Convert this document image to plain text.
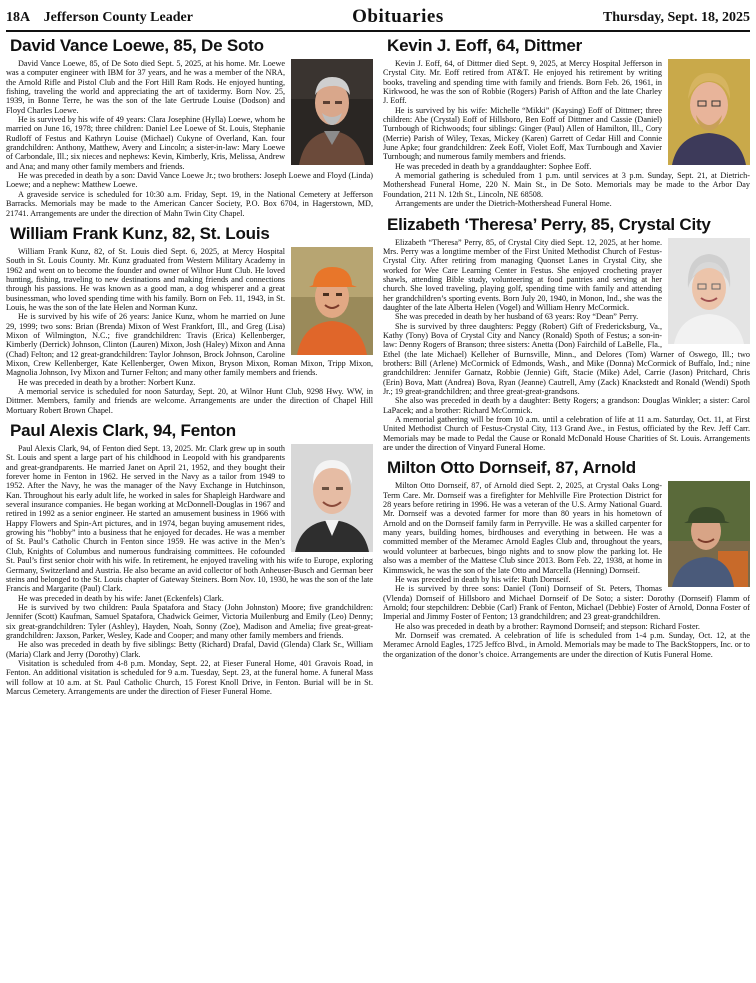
18A Jefferson County Leader	Obituaries	Thursday, Sept. 18, 2025
David Vance Loewe, 85, De Soto

David Vance Loewe, 85, of De Soto died Sept. 5, 2025, at his home. Mr. Loewe was a computer engineer with IBM for 37 years, and he was a member of the NRA, the Arnold Rifle and Pistol Club and the Fort Hill Ram Rods. He enjoyed hunting, fishing, traveling the world and appreciating the art of taxidermy. Born Nov. 25, 1939, in Bonne Terre, he was the son of the late Gertrude Louise (Dodson) and Floyd Charles Loewe.

He is survived by his wife of 49 years: Clara Josephine (Hylla) Loewe, whom he married on June 16, 1978; three children: Daniel Lee Loewe of St. Louis, Stephanie Rudloff of Festus and Kathryn Louise (Michael) Cukyne of Overland, Kan. four grandchildren: Anthony, Matthew, Avery and Lincoln; a sister-in-law: Mary Loewe of Carbondale, Ill.; six nieces and nephews: Kevin, Kimberly, Kris, Melissa, Andrew and Ana; and many other family members and friends.

He was preceded in death by a son: David Vance Loewe Jr.; two brothers: Joseph Loewe and Floyd (Linda) Loewe; and a nephew: Matthew Loewe.

A graveside service is scheduled for 10:30 a.m. Friday, Sept. 19, in the National Cemetery at Jefferson Barracks. Memorials may be made to the American Cancer Society, P.O. Box 6704, in Hagerstown, MD, 21741. Arrangements are under the direction of Mahn Twin City Chapel.

William Frank Kunz, 82, St. Louis

William Frank Kunz, 82, of St. Louis died Sept. 6, 2025, at Mercy Hospital South in St. Louis County. Mr. Kunz graduated from Western Military Academy in 1962 and went on to become the founder and owner of Wilnor Hunt Club. He loved hunting, fishing, traveling to new destinations and making friends and connections through his passions. He was known as a good man, a dog whisperer and a great businessman, who loved spending time with his family. Born on Feb. 11, 1943, in St. Louis, he was the son of the late Helen and Norman Kunz.

He is survived by his wife of 26 years: Janice Kunz, whom he married on June 29, 1999; two sons: Brian (Brenda) Mixon of West Frankfort, Ill., and Greg (Lisa) Mixon of Wilmington, N.C.; five grandchildren: Travis (Erica) Kellenberger, Kimberly (Derrick) Johnson, Clinton (Lauren) Mixon, Josh (Haley) Mixon and Anna (Chad) Felton; and 12 great-grandchildren: Taylor Johnson, Brock Johnson, Caroline Mixon, Crew Kellenberger, Kate Kellenberger, Owen Mixon, Bryson Mixon, Roman Mixon, Tripp Mixon, Magnolia Johnson, Ivy Mixon and Turner Felton; and many other family members and friends.

He was preceded in death by a brother: Norbert Kunz.

A memorial service is scheduled for noon Saturday, Sept. 20, at Wilnor Hunt Club, 9298 Hwy. WW, in Dittmer. Members, family and friends are welcome. Arrangements are under the direction of Chapel Hill Mortuary Robert Brown Chapel.

Paul Alexis Clark, 94, Fenton

Paul Alexis Clark, 94, of Fenton died Sept. 13, 2025. Mr. Clark grew up in south St. Louis and spent a large part of his childhood in Leopold with his grandparents and great-grandparents. He married Janet on April 21, 1952, and they bought their forever home in Fenton in 1962. He served in the Navy as a tailor from 1949 to 1952. After the Navy, he was the manager of the Navy Exchange in Hutchinson, Kan. Throughout his early adult life, he worked in sales for Shapleigh Hardware and several insurance companies. He began working at McDonnell-Douglas in 1967 and retired in 1992 as a senior engineer. He started an amusement business in 1966 with Happy Flowers and Spin-Art pictures, and in 1974, began buying amusement rides, growing his “hobby” into a business that he enjoyed for decades. He was a member of St. Paul’s Catholic Church in Fenton since 1959. He was active in the Men’s Club, Knights of Columbus and numerous fundraising committees. He cofounded St. Paul’s first senior choir with his wife. In retirement, he enjoyed traveling with his wife to Europe, exploring Germany, Switzerland and Austria. He also became an avid collector of both Anheuser-Busch and German beer steins and belonged to the St. Louis chapter of Gateway Steiners. Born Nov. 10, 1930, he was the son of the late Francis and Margarite (Paul) Clark.

He was preceded in death by his wife: Janet (Eckenfels) Clark.

He is survived by two children: Paula Spatafora and Stacy (John Johnston) Moore; five grandchildren: Jennifer (Scott) Kaufman, Samuel Spatafora, Chadwick Geimer, Victoria Muilenburg and Emily (Leo) Denny; six great-grandchildren: Tyler (Ashley), Hayden, Noah, Sonny (Zoe), Madison and Amelia; five great-great-grandchildren: Jaxson, Parker, Wesley, Kade and Cooper; and many other family members and friends.

He also was preceded in death by five siblings: Betty (Richard) Drafal, David (Glenda) Clark Sr., William (Maria) Clark and Jerry (Dorothy) Clark.

Visitation is scheduled from 4-8 p.m. Monday, Sept. 22, at Fieser Funeral Home, 401 Gravois Road, in Fenton. An additional visitation is scheduled for 9 a.m. Tuesday, Sept. 23, at the funeral home. A funeral Mass will follow at 10 a.m. at St. Paul Catholic Church, 15 Forest Knoll Drive, in Fenton. Burial will be in St. Marcus Cemetery. Arrangements are under the direction of Fieser Funeral Home.

Kevin J. Eoff, 64, Dittmer

Kevin J. Eoff, 64, of Dittmer died Sept. 9, 2025, at Mercy Hospital Jefferson in Crystal City. Mr. Eoff retired from AT&T. He enjoyed his retirement by writing books, traveling and spending time with family and friends. Born Feb. 26, 1961, in Kirkwood, he was the son of Robbie (Rogers) Parish of Affton and the late Charley J. Eoff.

He is survived by his wife: Michelle “Mikki” (Kaysing) Eoff of Dittmer; three children: Abe (Crystal) Eoff of Hillsboro, Ben Eoff of Dittmer and Cassie (Daniel) Turnbough of Richwoods; four siblings: Ginger (Paul) Allen of Hamilton, Ill., Cory (Merrie) Parish of Wiley, Texas, Mickey (Karen) Garrett of Cedar Hill and Connie June Apke; four grandchildren: Zeek Eoff, Violet Eoff, Max Turnbough and Xavier Turnbough; and numerous family members and friends.

He was preceded in death by a granddaughter: Sophee Eoff.

A memorial gathering is scheduled from 1 p.m. until services at 3 p.m. Sunday, Sept. 21, at Dietrich-Mothershead Funeral Home, 220 N. Main St., in De Soto. Memorials may be made to the Arbor Day Foundation, 211 N. 12th St., Lincoln, NE 68508.

Arrangements are under the Dietrich-Mothershead Funeral Home.

Elizabeth ‘Theresa’ Perry, 85, Crystal City

Elizabeth “Theresa” Perry, 85, of Crystal City died Sept. 12, 2025, at her home. Mrs. Perry was a longtime member of the First United Methodist Church of Festus-Crystal City. After retiring from managing Quonset Lanes in Crystal City, she worked for Wee Care Learning Center in Festus. She enjoyed crocheting prayer shawls, attending Bible study, volunteering at food pantries and serving at her church. She loved traveling, playing golf, spending time with family and attending her grandchildren’s sporting events. Born July 20, 1940, in Monon, Ind., she was the daughter of the late Alberta Helen (Vogel) and William Henry McCormick.

She was preceded in death by her husband of 63 years: Roy “Dean” Perry.

She is survived by three daughters: Peggy (Robert) Gift of Fredericksburg, Va., Kathy (Tony) Bova of Crystal City and Nancy (Ronald) Spoth of Festus; a son-in-law: Denny Rogers of Branson; three sisters: Anetta (Don) Fairchild of LaBelle, Fla., Ethel (the late Michael) Kelleher of Burnsville, Minn., and Delores (Tom) Warner of Oswego, Ill.; two brothers: Bill (Arlene) McCormick of Edmonds, Wash., and Mike (Donna) McCormick of Buffalo, Ind.; nine grandchildren: Jennifer Garnatz, Robbie (Jennie) Gift, Stacie (Mike) Adel, Carrie (Jason) Pritchard, Chris (Erin) Bova, Matt (Andrea) Bova, Ryan (Jeanne) Cautrell, Amy (Zack) Knackstedt and Ronald (Wendi) Spoth Jr.; 19 great-grandchildren; and three great-great-grandsons.

She also was preceded in death by a daughter: Betty Rogers; a grandson: Douglas Winkler; a sister: Carol LaPacek; and a brother: Richard McCormick.

A memorial gathering will be from 10 a.m. until a celebration of life at 11 a.m. Saturday, Oct. 11, at First United Methodist Church of Festus-Crystal City, 113 Grand Ave., in Festus, officiated by the Rev. Jeff Carr. Memorials may be made to Pedal the Cause or Ronald McDonald House Charities of St. Louis. Arrangements are under the direction of Vinyard Funeral Home.

Milton Otto Dornseif, 87, Arnold

Milton Otto Dornseif, 87, of Arnold died Sept. 2, 2025, at Crystal Oaks Long-Term Care. Mr. Dornseif was a firefighter for Mehlville Fire Protection District for 28 years before retiring in 1996. He was a veteran of the U.S. Army National Guard. Mr. Dornseif was a devoted farmer for more than 80 years in his hometown of Arnold and on the Dornseif family farm in Perryville. He was a skilled carpenter for many years, building homes, birdhouses and everything in between. He was a committed member of the Meramec Arnold Eagles Club and, throughout the years, would volunteer at barbecues, bingo nights and to snow plow the parking lot. He also was a member of the Mattese Club since 2013. Born Feb. 22, 1938, at home in Kimmswick, he was the son of the late Otto and Marcella (Henning) Dornseif.

He was preceded in death by his wife: Ruth Dornseif.

He is survived by three sons: Daniel (Toni) Dornseif of St. Peters, Thomas (Vlenda) Dornseif of Hillsboro and Michael Dornseif of De Soto; a sister: Dorothy (Dornseif) Flamm of Arnold; four stepchildren: Debbie (Carl) Frank of Fenton, Michael (Debbie) Foster of Arnold, Donna Foster of Imperial and Jimmy Foster of Fenton; 13 grandchildren; and 23 great-grandchildren.

He also was preceded in death by a brother: Raymond Dornseif; and stepson: Richard Foster.

Mr. Dornseif was cremated. A celebration of life is scheduled from 1-4 p.m. Sunday, Oct. 12, at the Meramec Arnold Eagles, 1725 Jeffco Blvd., in Arnold. Memorials may be made to The BackStoppers, Inc. or to the organization of the donor’s choice. Arrangements are under the direction of Kutis Funeral Home.
